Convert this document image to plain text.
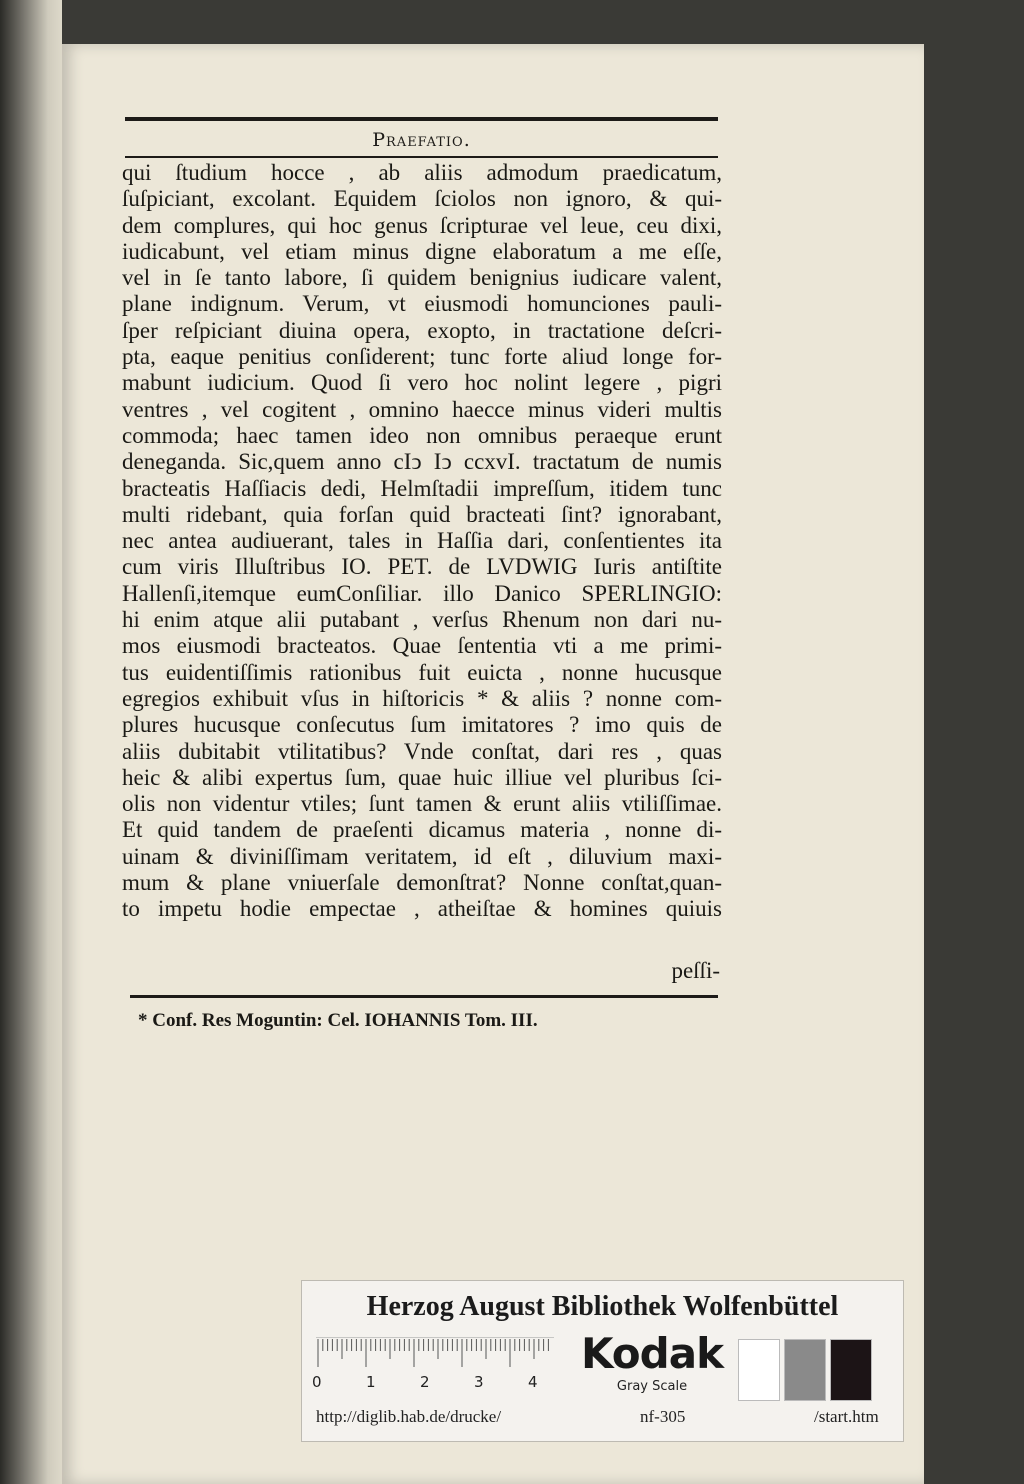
Praefatio.
qui ſtudium hocce , ab aliis admodum praedicatum,
ſuſpiciant, excolant. Equidem ſciolos non ignoro, & qui-
dem complures, qui hoc genus ſcripturae vel leue, ceu dixi,
iudicabunt, vel etiam minus digne elaboratum a me eſſe,
vel in ſe tanto labore, ſi quidem benignius iudicare valent,
plane indignum. Verum, vt eiusmodi homunciones pauli-
ſper reſpiciant diuina opera, exopto, in tractatione deſcri-
pta, eaque penitius conſiderent; tunc forte aliud longe for-
mabunt iudicium. Quod ſi vero hoc nolint legere , pigri
ventres , vel cogitent , omnino haecce minus videri multis
commoda; haec tamen ideo non omnibus peraeque erunt
deneganda. Sic,quem anno cIↄ Iↄ ccxvI. tractatum de numis
bracteatis Haſſiacis dedi, Helmſtadii impreſſum, itidem tunc
multi ridebant, quia forſan quid bracteati ſint? ignorabant,
nec antea audiuerant, tales in Haſſia dari, conſentientes ita
cum viris Illuſtribus IO. PET. de LVDWIG Iuris antiſtite
Hallenſi,itemque eumConſiliar. illo Danico SPERLINGIO:
hi enim atque alii putabant , verſus Rhenum non dari nu-
mos eiusmodi bracteatos. Quae ſententia vti a me primi-
tus euidentiſſimis rationibus fuit euicta , nonne hucusque
egregios exhibuit vſus in hiſtoricis * & aliis ? nonne com-
plures hucusque conſecutus ſum imitatores ? imo quis de
aliis dubitabit vtilitatibus? Vnde conſtat, dari res , quas
heic & alibi expertus ſum, quae huic illiue vel pluribus ſci-
olis non videntur vtiles; ſunt tamen & erunt aliis vtiliſſimae.
Et quid tandem de praeſenti dicamus materia , nonne di-
uinam & diviniſſimam veritatem, id eſt , diluvium maxi-
mum & plane vniuerſale demonſtrat? Nonne conſtat,quan-
to impetu hodie empectae , atheiſtae & homines quiuis
peſſi-
* Conf. Res Moguntin: Cel. IOHANNIS Tom. III.
Herzog August Bibliothek Wolfenbüttel
0	1	2	3	4
Kodak
Gray Scale
http://diglib.hab.de/drucke/	nf-305	/start.htm
